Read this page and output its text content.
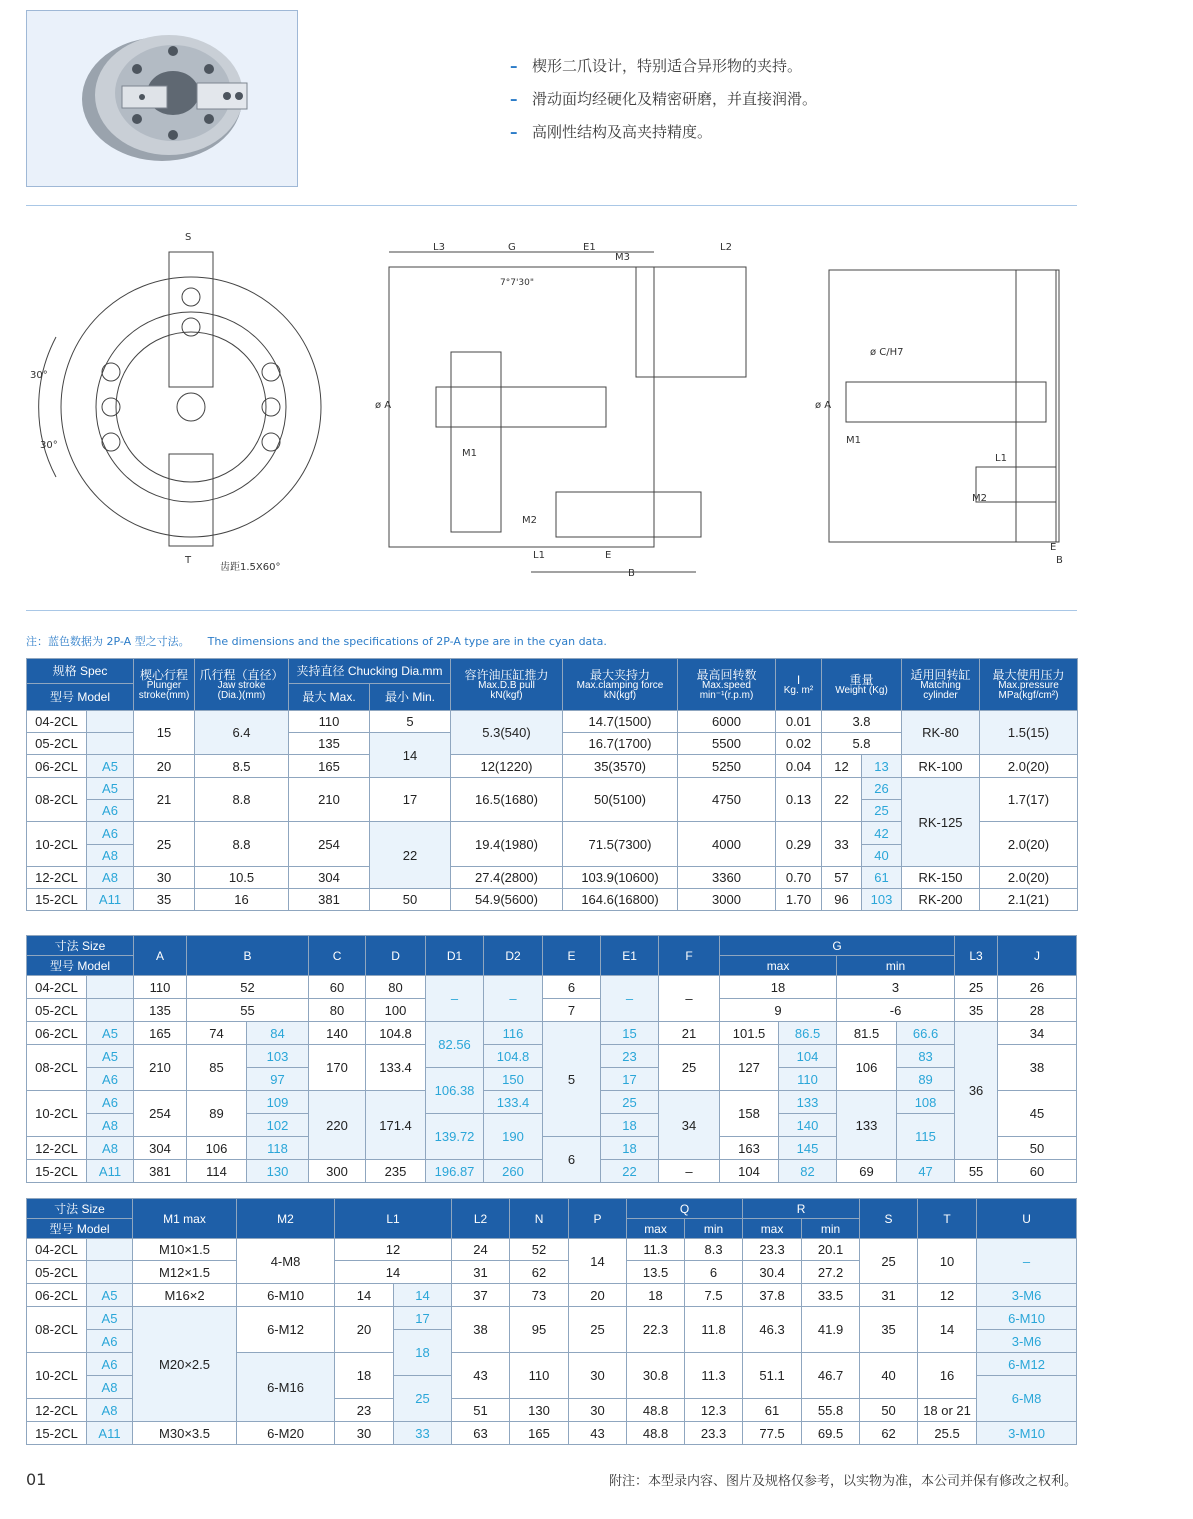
– 楔形二爪设计，特别适合异形物的夹持。
– 滑动面均经硬化及精密研磨，并直接润滑。
– 高刚性结构及高夹持精度。
S
30°
30°
T
齿距1.5X60°
L3	G	E1	L2
M3
7°7'30"
ø A
M1
M2
L1	E
B
ø A
ø C/H7
M1
L1
M2
E
B
注：蓝色数据为 2P-A 型之寸法。 The dimensions and the specifications of 2P-A type are in the cyan data.
规格 Spec		楔心行程
Plunger
stroke(mm)	爪行程（直径）
Jaw stroke
(Dia.)(mm)	夹持直径 Chucking Dia.mm		容许油压缸推力
Max.D.B pull
kN(kgf)	最大夹持力
Max.clamping force
kN(kgf)	最高回转数
Max.speed
min⁻¹(r.p.m)	I
Kg. m²	重量
Weight (Kg)		适用回转缸
Matching
cylinder	最大使用压力
Max.pressure
MPa(kgf/cm²)

型号 Model				最大 Max.	最小 Min.								
04-2CL		15	6.4	110	5	5.3(540)	14.7(1500)	6000	0.01	3.8		RK-80	1.5(15)
05-2CL				135	14		16.7(1700)	5500	0.02	5.8			
06-2CL	A5	20	8.5	165		12(1220)	35(3570)	5250	0.04	12	13	RK-100	2.0(20)
08-2CL	A5	21	8.8	210	17	16.5(1680)	50(5100)	4750	0.13	22	26	RK-125	1.7(17)
	A6										25		
10-2CL	A6	25	8.8	254	22	19.4(1980)	71.5(7300)	4000	0.29	33	42		2.0(20)
	A8										40		
12-2CL	A8	30	10.5	304		27.4(2800)	103.9(10600)	3360	0.70	57	61	RK-150	2.0(20)
15-2CL	A11	35	16	381	50	54.9(5600)	164.6(16800)	3000	1.70	96	103	RK-200	2.1(21)
寸法 Size		A	B		C	D	D1	D2	E	E1	F	G				L3	J
型号 Model												max		min			
04-2CL		110	52		60	80	–	–	6	–	–	18		3		25	26
05-2CL		135	55		80	100			7			9		-6		35	28
06-2CL	A5	165	74	84	140	104.8	82.56	116	5	15	21	101.5	86.5	81.5	66.6	36	34
08-2CL	A5	210	85	103	170	133.4		104.8		23	25	127	104	106	83		38
	A6			97			106.38	150		17			110		89		
10-2CL	A6	254	89	109	220	171.4		133.4		25	34	158	133	133	108		45
	A8			102			139.72	190		18			140		115		
12-2CL	A8	304	106	118					6	18		163	145				50
15-2CL	A11	381	114	130	300	235	196.87	260		22	–	104	82	69	47	55	60
寸法 Size		M1 max	M2	L1		L2	N	P	Q		R		S	T	U
型号 Model									max	min	max	min			
04-2CL		M10×1.5	4-M8	12		24	52	14	11.3	8.3	23.3	20.1	25	10	–
05-2CL		M12×1.5		14		31	62		13.5	6	30.4	27.2			
06-2CL	A5	M16×2	6-M10	14	14	37	73	20	18	7.5	37.8	33.5	31	12	3-M6
08-2CL	A5	M20×2.5	6-M12	20	17	38	95	25	22.3	11.8	46.3	41.9	35	14	6-M10
	A6				18										3-M6
10-2CL	A6		6-M16	18		43	110	30	30.8	11.3	51.1	46.7	40	16	6-M12
	A8				25										6-M8
12-2CL	A8			23		51	130	30	48.8	12.3	61	55.8	50	18 or 21	
15-2CL	A11	M30×3.5	6-M20	30	33	63	165	43	48.8	23.3	77.5	69.5	62	25.5	3-M10
01	附注：本型录内容、图片及规格仅参考，以实物为准，本公司并保有修改之权利。
